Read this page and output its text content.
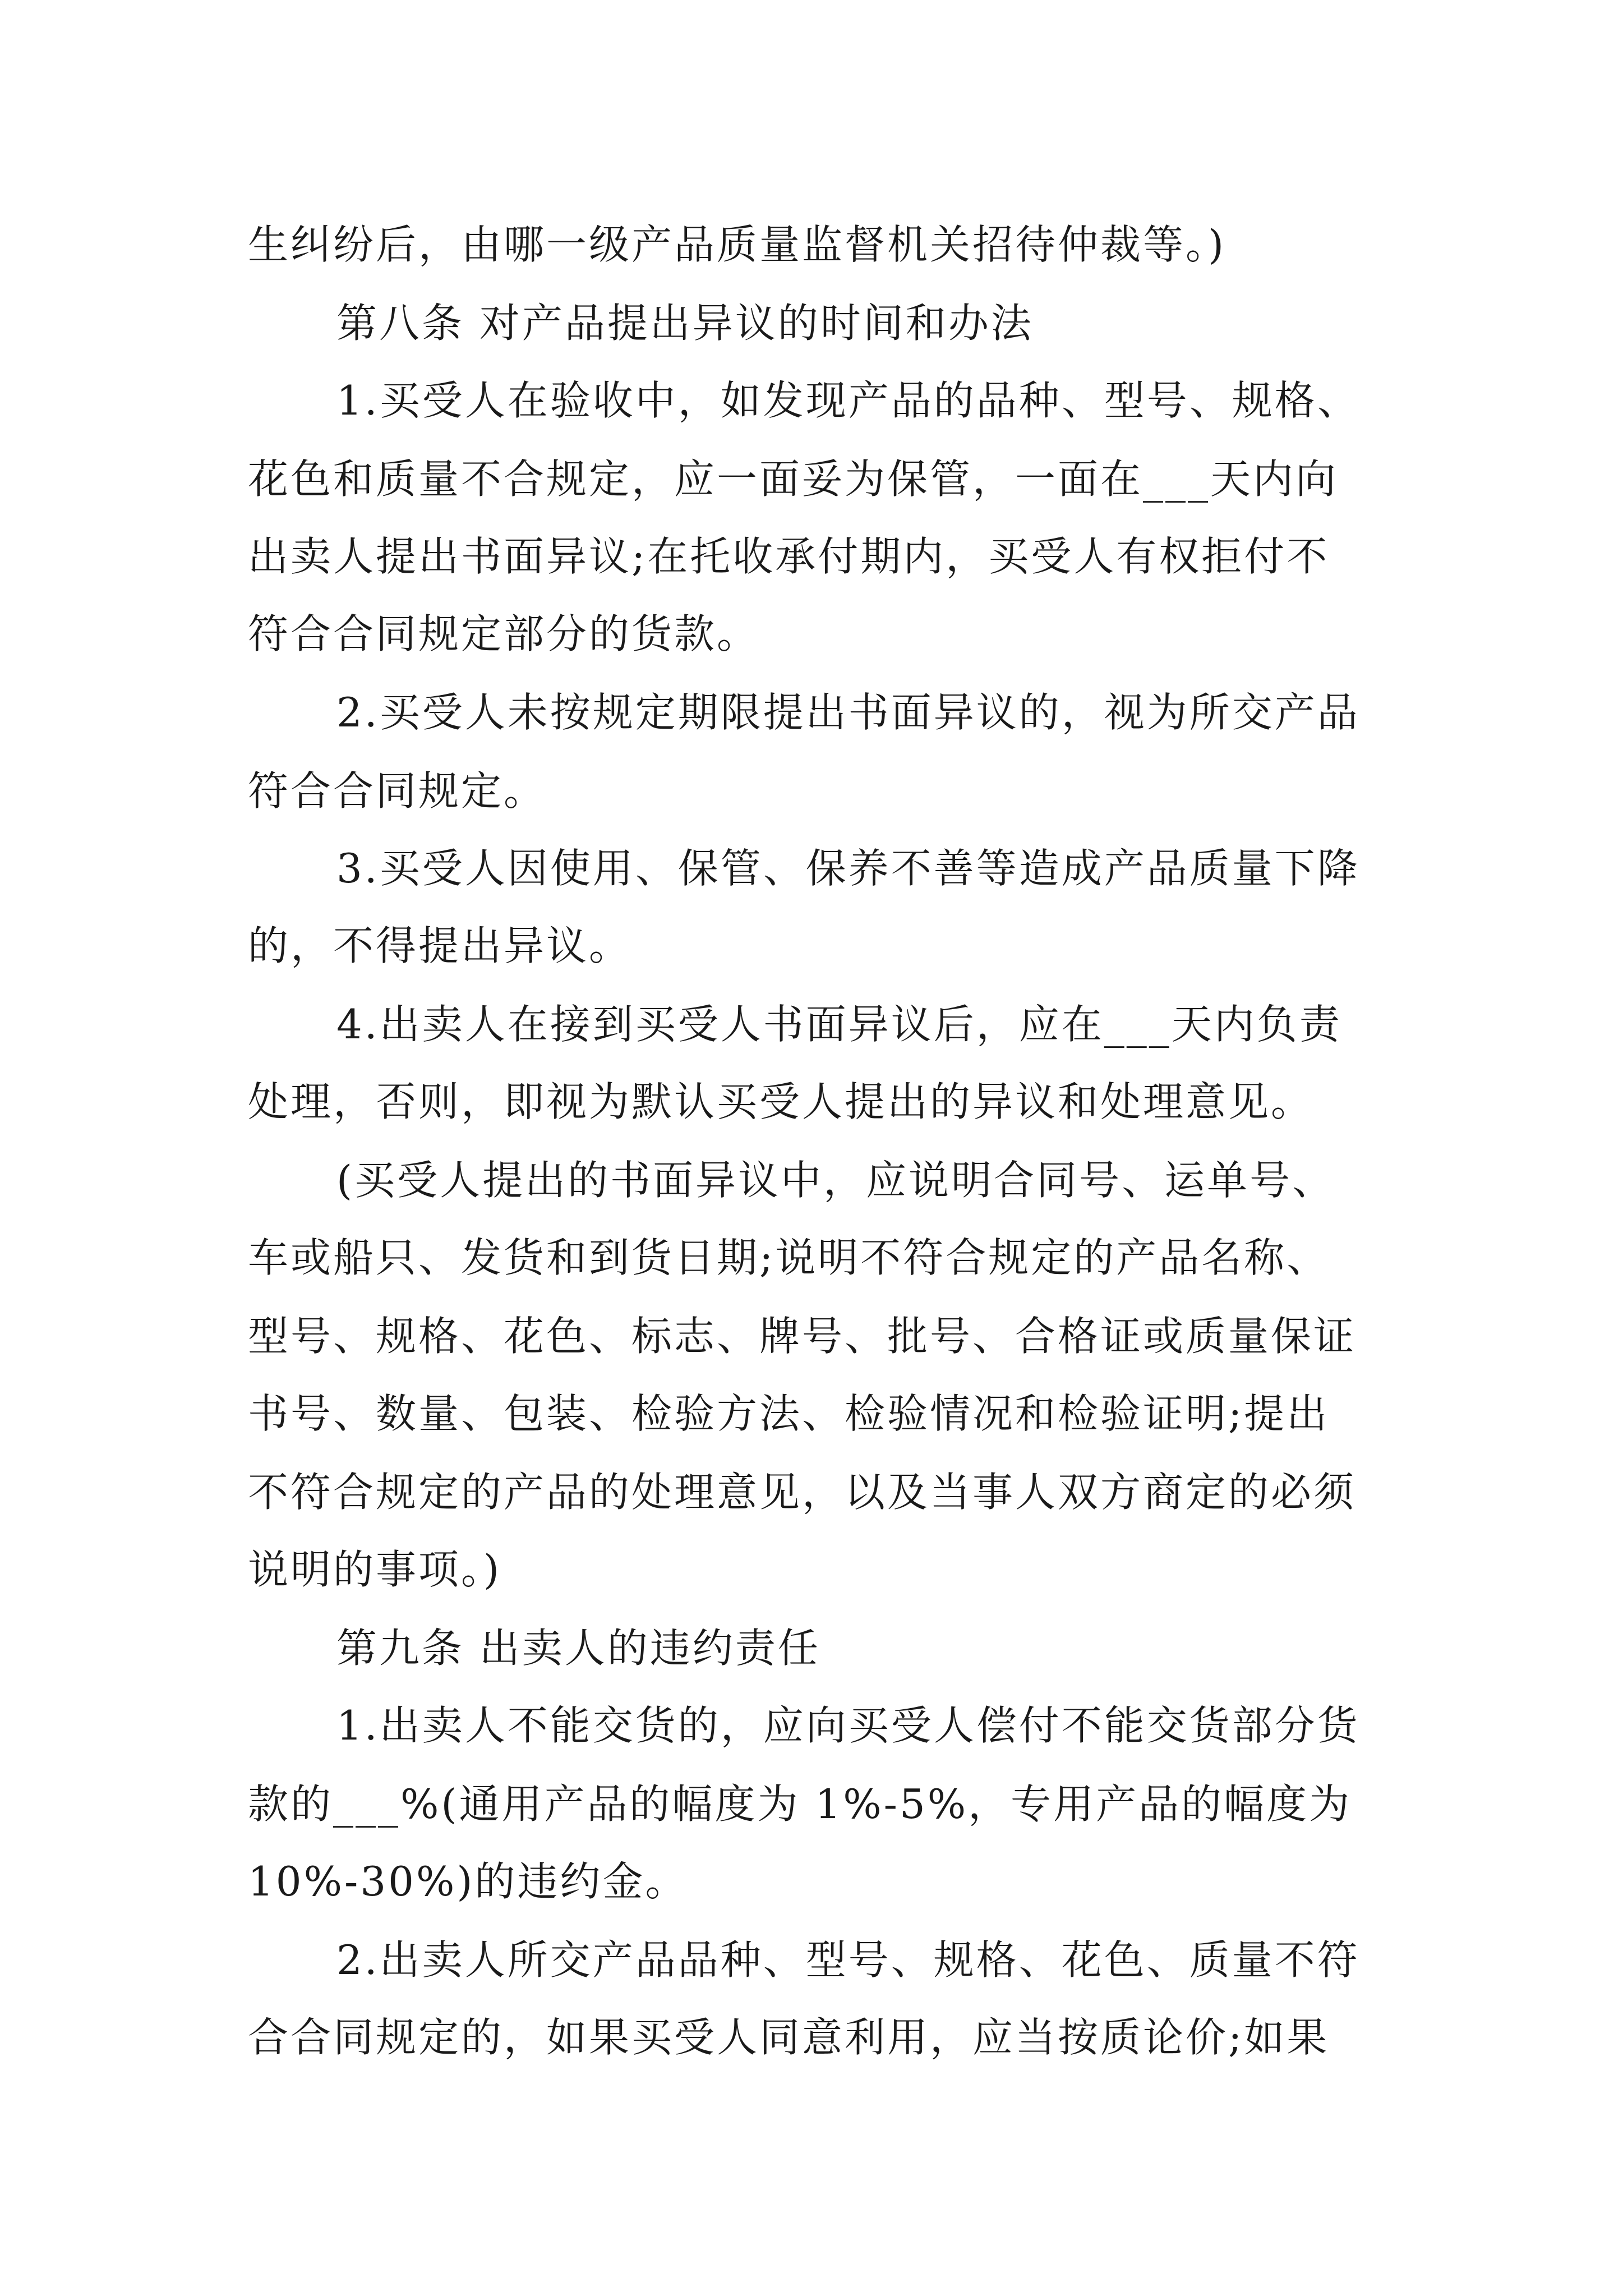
生纠纷后，由哪一级产品质量监督机关招待仲裁等。)
第八条 对产品提出异议的时间和办法
1.买受人在验收中，如发现产品的品种、型号、规格、
花色和质量不合规定，应一面妥为保管，一面在___天内向
出卖人提出书面异议;在托收承付期内，买受人有权拒付不
符合合同规定部分的货款。
2.买受人未按规定期限提出书面异议的，视为所交产品
符合合同规定。
3.买受人因使用、保管、保养不善等造成产品质量下降
的，不得提出异议。
4.出卖人在接到买受人书面异议后，应在___天内负责
处理，否则，即视为默认买受人提出的异议和处理意见。
(买受人提出的书面异议中，应说明合同号、运单号、
车或船只、发货和到货日期;说明不符合规定的产品名称、
型号、规格、花色、标志、牌号、批号、合格证或质量保证
书号、数量、包装、检验方法、检验情况和检验证明;提出
不符合规定的产品的处理意见，以及当事人双方商定的必须
说明的事项。)
第九条 出卖人的违约责任
1.出卖人不能交货的，应向买受人偿付不能交货部分货
款的___%(通用产品的幅度为 1%-5%，专用产品的幅度为
10%-30%)的违约金。
2.出卖人所交产品品种、型号、规格、花色、质量不符
合合同规定的，如果买受人同意利用，应当按质论价;如果
